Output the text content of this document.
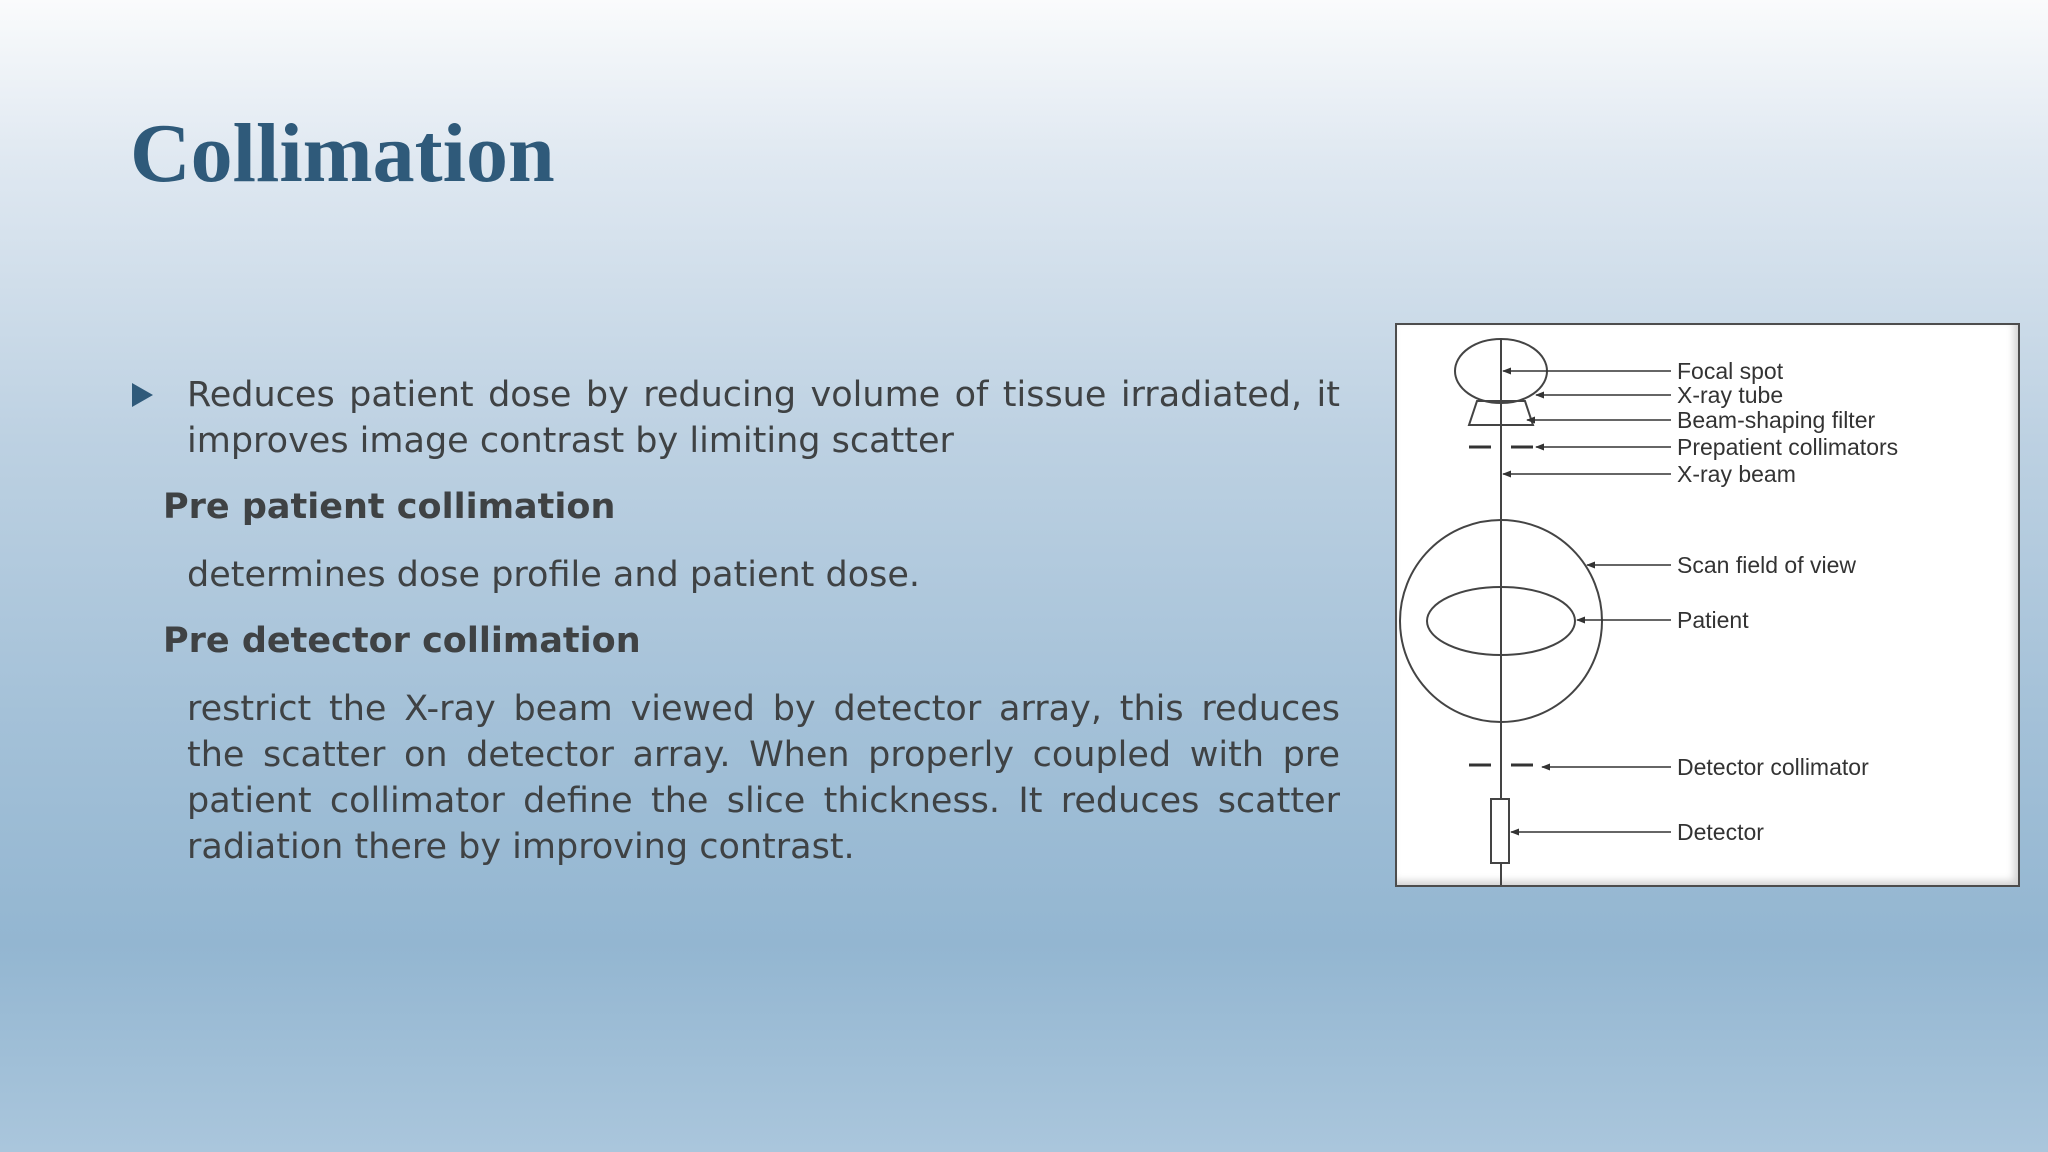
Collimation
Reduces patient dose by reducing volume of tissue irradiated, it improves image contrast by limiting scatter
Pre patient collimation
determines dose profile and patient dose.
Pre detector collimation
restrict the X-ray beam viewed by detector array, this reduces the scatter on detector array. When properly coupled with pre patient collimator define the slice thickness. It reduces scatter radiation there by improving contrast.
Focal spot
X-ray tube
Beam-shaping filter
Prepatient collimators
X-ray beam
Scan field of view
Patient
Detector collimator
Detector
